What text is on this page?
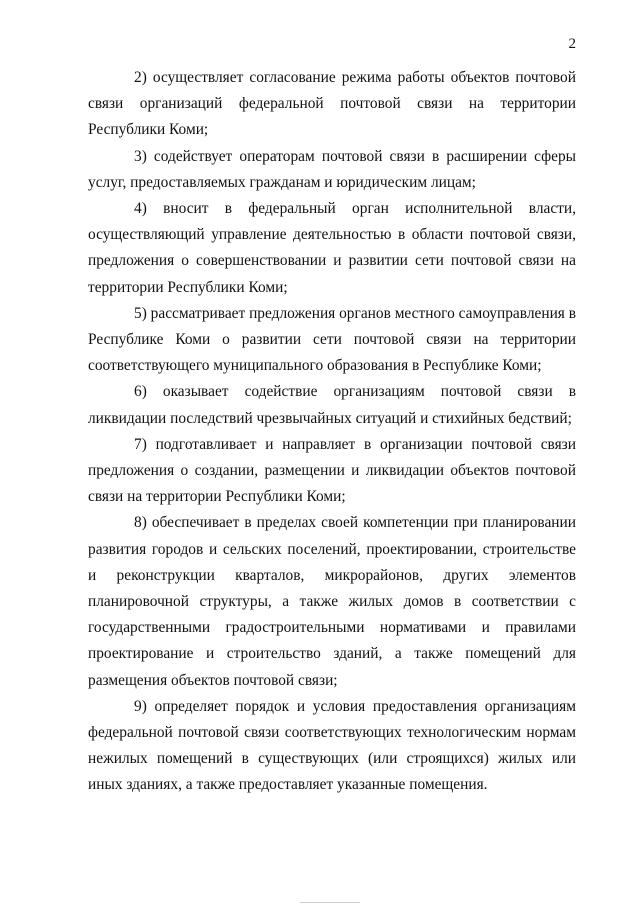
2

2) осуществляет согласование режима работы объектов почтовой связи организаций федеральной почтовой связи на территории Республики Коми;

3) содействует операторам почтовой связи в расширении сферы услуг, предоставляемых гражданам и юридическим лицам;

4) вносит в федеральный орган исполнительной власти, осуществляющий управление деятельностью в области почтовой связи, предложения о совершенствовании и развитии сети почтовой связи на территории Республики Коми;

5) рассматривает предложения органов местного самоуправления в Республике Коми о развитии сети почтовой связи на территории соответствующего муниципального образования в Республике Коми;

6) оказывает содействие организациям почтовой связи в ликвидации последствий чрезвычайных ситуаций и стихийных бедствий;

7) подготавливает и направляет в организации почтовой связи предложения о создании, размещении и ликвидации объектов почтовой связи на территории Республики Коми;

8) обеспечивает в пределах своей компетенции при планировании развития городов и сельских поселений, проектировании, строительстве и реконструкции кварталов, микрорайонов, других элементов планировочной структуры, а также жилых домов в соответствии с государственными градостроительными нормативами и правилами проектирование и строительство зданий, а также помещений для размещения объектов почтовой связи;

9) определяет порядок и условия предоставления организациям федеральной почтовой связи соответствующих технологическим нормам нежилых помещений в существующих (или строящихся) жилых или иных зданиях, а также предоставляет указанные помещения.
